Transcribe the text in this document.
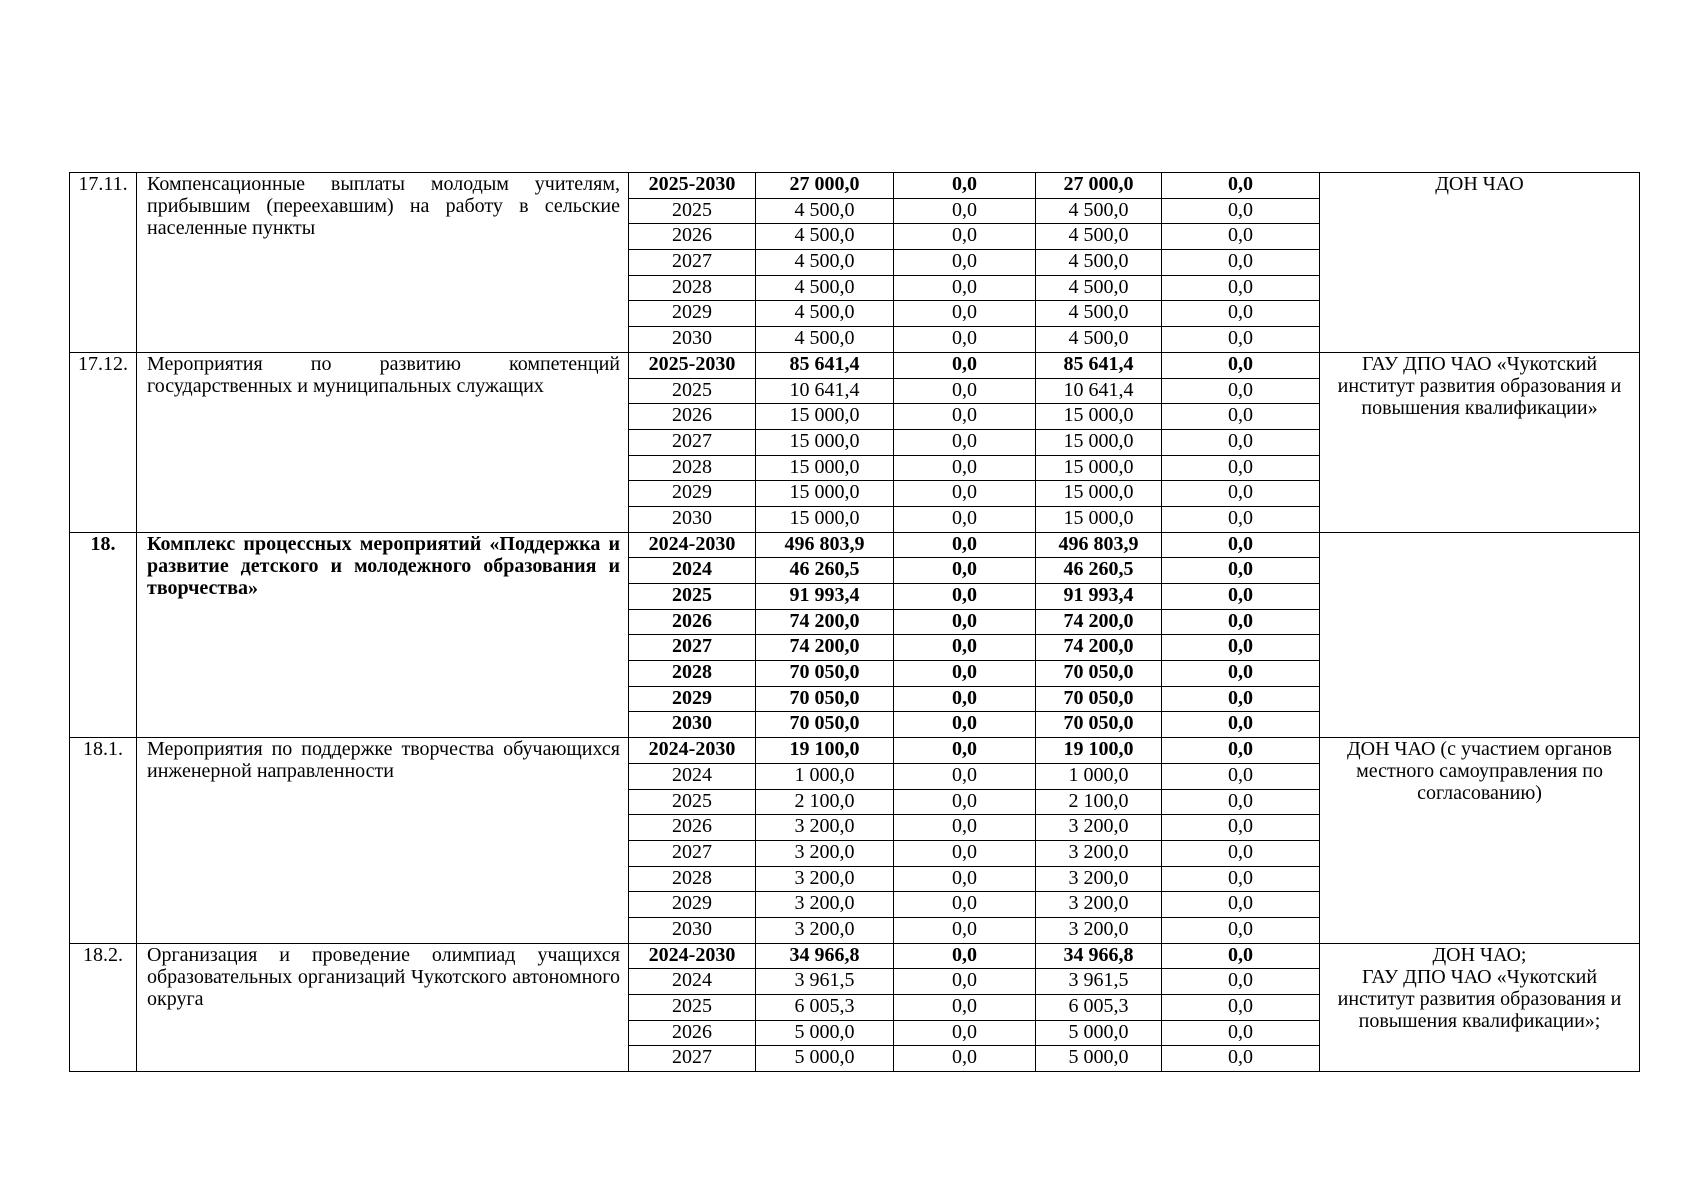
17.11.	Компенсационные выплаты молодым учителям, прибывшим (переехавшим) на работу в сельские населенные пункты	2025-2030	27 000,0	0,0	27 000,0	0,0	ДОН ЧАО
		2025	4 500,0	0,0	4 500,0	0,0	
		2026	4 500,0	0,0	4 500,0	0,0	
		2027	4 500,0	0,0	4 500,0	0,0	
		2028	4 500,0	0,0	4 500,0	0,0	
		2029	4 500,0	0,0	4 500,0	0,0	
		2030	4 500,0	0,0	4 500,0	0,0	
17.12.	Мероприятия по развитию компетенций государственных и муниципальных служащих	2025-2030	85 641,4	0,0	85 641,4	0,0	ГАУ ДПО ЧАО «Чукотский институт развития образования и повышения квалификации»
		2025	10 641,4	0,0	10 641,4	0,0	
		2026	15 000,0	0,0	15 000,0	0,0	
		2027	15 000,0	0,0	15 000,0	0,0	
		2028	15 000,0	0,0	15 000,0	0,0	
		2029	15 000,0	0,0	15 000,0	0,0	
		2030	15 000,0	0,0	15 000,0	0,0	
18.	Комплекс процессных мероприятий «Поддержка и развитие детского и молодежного образования и творчества»	2024-2030	496 803,9	0,0	496 803,9	0,0	
		2024	46 260,5	0,0	46 260,5	0,0	
		2025	91 993,4	0,0	91 993,4	0,0	
		2026	74 200,0	0,0	74 200,0	0,0	
		2027	74 200,0	0,0	74 200,0	0,0	
		2028	70 050,0	0,0	70 050,0	0,0	
		2029	70 050,0	0,0	70 050,0	0,0	
		2030	70 050,0	0,0	70 050,0	0,0	
18.1.	Мероприятия по поддержке творчества обучающихся инженерной направленности	2024-2030	19 100,0	0,0	19 100,0	0,0	ДОН ЧАО (с участием органов местного самоуправления по согласованию)
		2024	1 000,0	0,0	1 000,0	0,0	
		2025	2 100,0	0,0	2 100,0	0,0	
		2026	3 200,0	0,0	3 200,0	0,0	
		2027	3 200,0	0,0	3 200,0	0,0	
		2028	3 200,0	0,0	3 200,0	0,0	
		2029	3 200,0	0,0	3 200,0	0,0	
		2030	3 200,0	0,0	3 200,0	0,0	
18.2.	Организация и проведение олимпиад учащихся образовательных организаций Чукотского автономного округа	2024-2030	34 966,8	0,0	34 966,8	0,0	ДОН ЧАО;
ГАУ ДПО ЧАО «Чукотский институт развития образования и повышения квалификации»;
		2024	3 961,5	0,0	3 961,5	0,0	
		2025	6 005,3	0,0	6 005,3	0,0	
		2026	5 000,0	0,0	5 000,0	0,0	
		2027	5 000,0	0,0	5 000,0	0,0	
